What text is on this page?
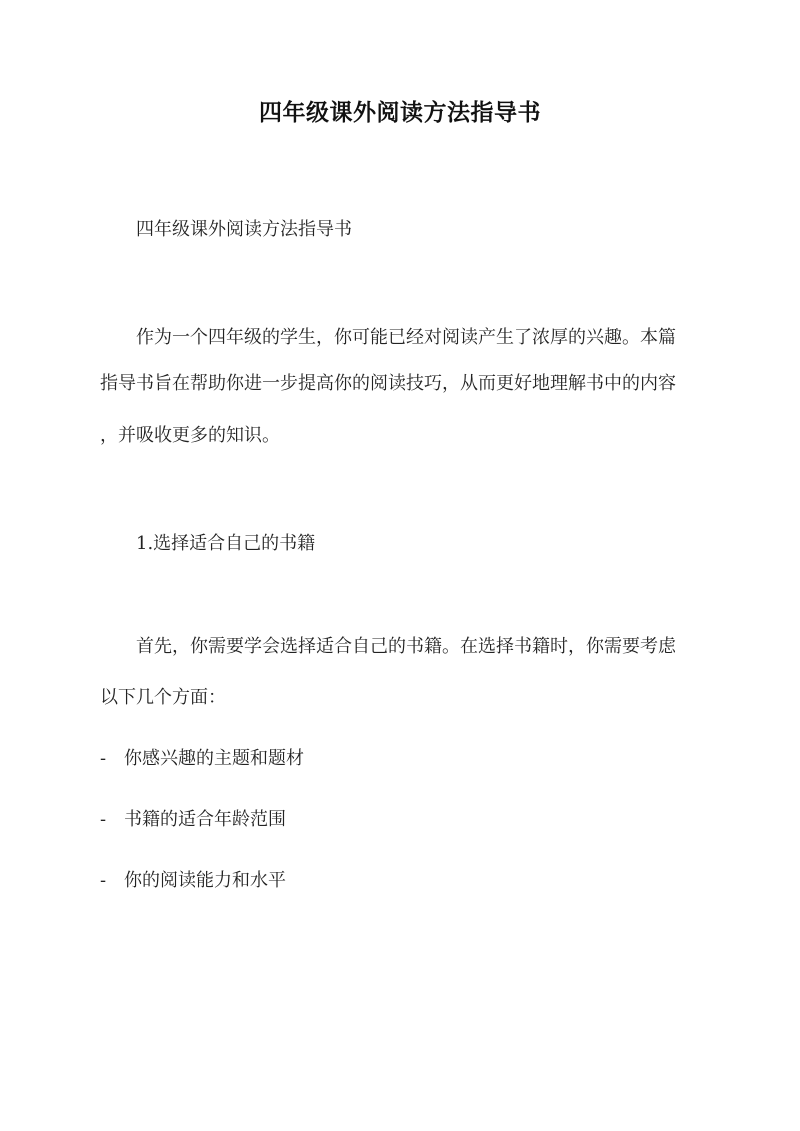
四年级课外阅读方法指导书
四年级课外阅读方法指导书
作为一个四年级的学生，你可能已经对阅读产生了浓厚的兴趣。本篇
指导书旨在帮助你进一步提高你的阅读技巧，从而更好地理解书中的内容
，并吸收更多的知识。
1.选择适合自己的书籍
首先，你需要学会选择适合自己的书籍。在选择书籍时，你需要考虑
以下几个方面：
- 你感兴趣的主题和题材
- 书籍的适合年龄范围
- 你的阅读能力和水平
